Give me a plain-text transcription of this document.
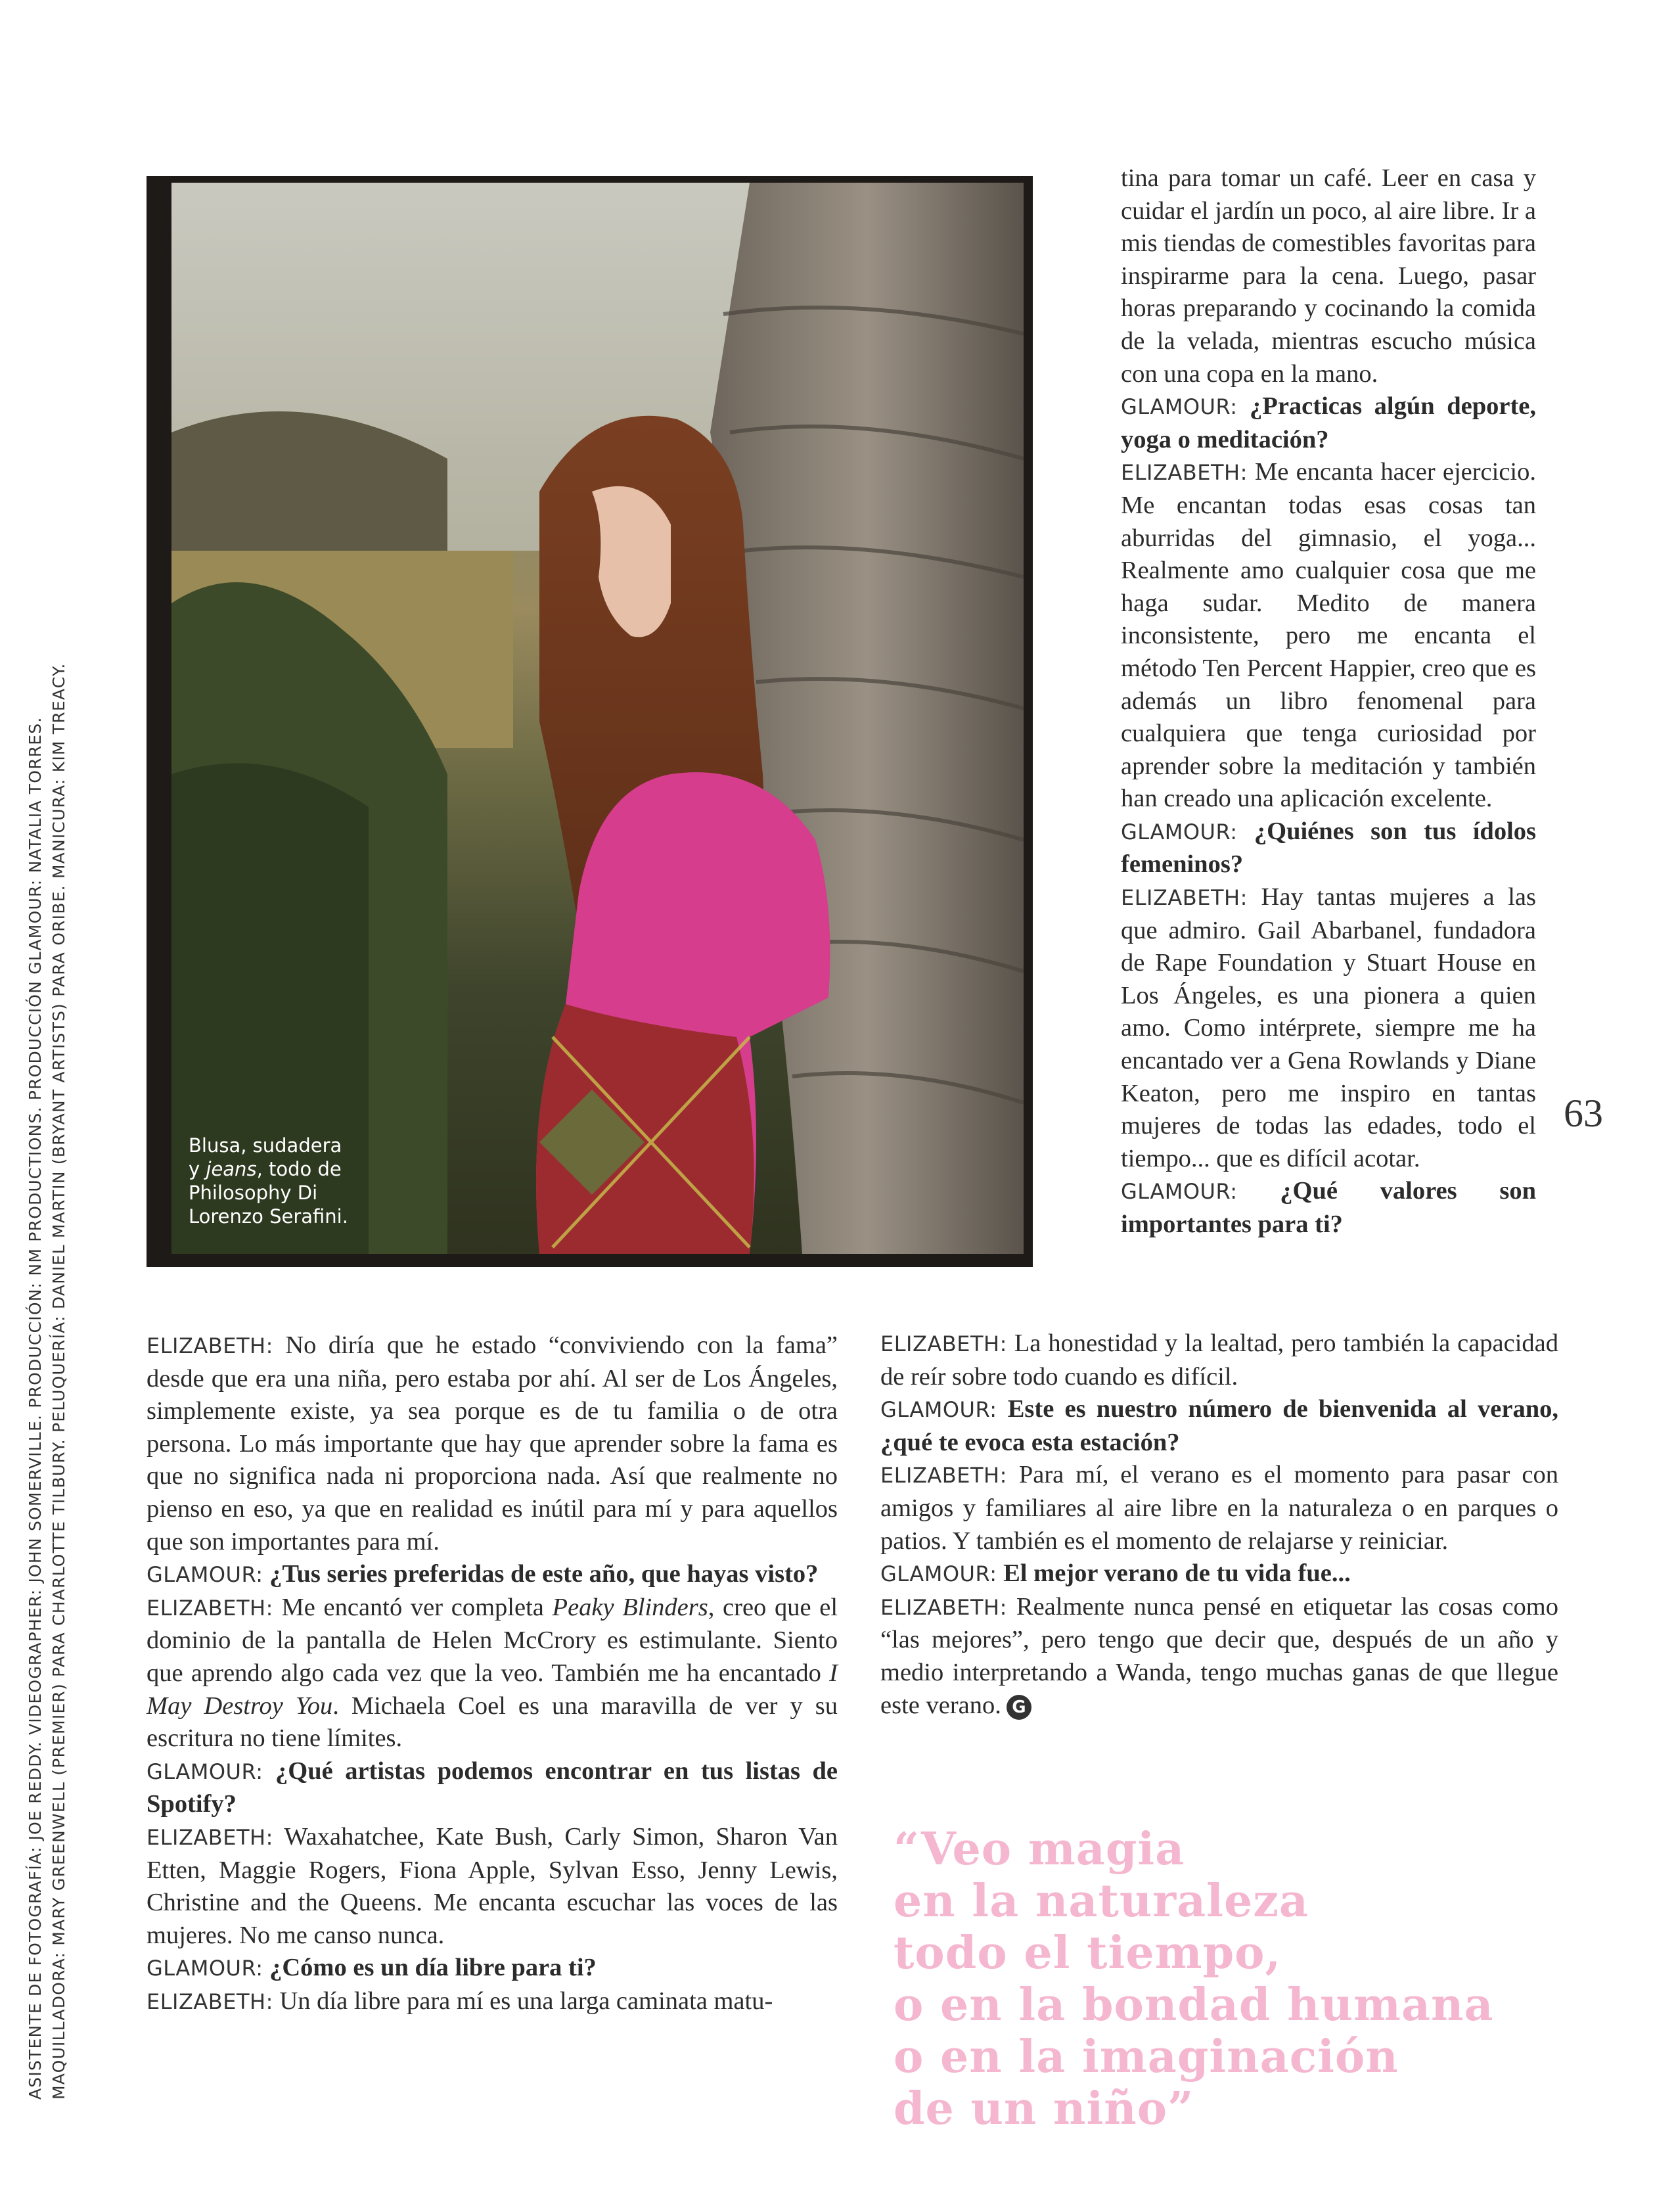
ASISTENTE DE FOTOGRAFÍA: JOE REDDY. VIDEOGRAPHER: JOHN SOMERVILLE. PRODUCCIÓN: NM PRODUCTIONS. PRODUCCIÓN GLAMOUR: NATALIA TORRES. MAQUILLADORA: MARY GREENWELL (PREMIER) PARA CHARLOTTE TILBURY. PELUQUERÍA: DANIEL MARTIN (BRYANT ARTISTS) PARA ORIBE. MANICURA: KIM TREACY.	Blusa, sudadera
y jeans, todo de
Philosophy Di
Lorenzo Serafini.

tina para tomar un café. Leer en casa y cuidar el jardín un poco, al aire libre. Ir a mis tiendas de comestibles favoritas para inspirarme para la cena. Luego, pasar horas preparando y cocinando la comida de la velada, mientras escucho música con una copa en la mano.

GLAMOUR: ¿Practicas algún deporte, yoga o meditación?

ELIZABETH: Me encanta hacer ejercicio. Me encantan todas esas cosas tan aburridas del gimnasio, el yoga... Realmente amo cualquier cosa que me haga sudar. Medito de manera inconsistente, pero me encanta el método Ten Percent Happier, creo que es además un libro fenomenal para cualquiera que tenga curiosidad por aprender sobre la meditación y también han creado una aplicación excelente.

GLAMOUR: ¿Quiénes son tus ídolos femeninos?

ELIZABETH: Hay tantas mujeres a las que admiro. Gail Abarbanel, fundadora de Rape Foundation y Stuart House en Los Ángeles, es una pionera a quien amo. Como intérprete, siempre me ha encantado ver a Gena Rowlands y Diane Keaton, pero me inspiro en tantas mujeres de todas las edades, todo el tiempo... que es difícil acotar.

GLAMOUR: ¿Qué valores son importantes para ti?

63

ELIZABETH: No diría que he estado “conviviendo con la fama” desde que era una niña, pero estaba por ahí. Al ser de Los Ángeles, simplemente existe, ya sea porque es de tu familia o de otra persona. Lo más importante que hay que aprender sobre la fama es que no significa nada ni proporciona nada. Así que realmente no pienso en eso, ya que en realidad es inútil para mí y para aquellos que son importantes para mí.

GLAMOUR: ¿Tus series preferidas de este año, que hayas visto?

ELIZABETH: Me encantó ver completa Peaky Blinders, creo que el dominio de la pantalla de Helen McCrory es estimulante. Siento que aprendo algo cada vez que la veo. También me ha encantado I May Destroy You. Michaela Coel es una maravilla de ver y su escritura no tiene límites.

GLAMOUR: ¿Qué artistas podemos encontrar en tus listas de Spotify?

ELIZABETH: Waxahatchee, Kate Bush, Carly Simon, Sharon Van Etten, Maggie Rogers, Fiona Apple, Sylvan Esso, Jenny Lewis, Christine and the Queens. Me encanta escuchar las voces de las mujeres. No me canso nunca.

GLAMOUR: ¿Cómo es un día libre para ti?

ELIZABETH: Un día libre para mí es una larga caminata matu-

ELIZABETH: La honestidad y la lealtad, pero también la capacidad de reír sobre todo cuando es difícil.

GLAMOUR: Este es nuestro número de bienvenida al verano, ¿qué te evoca esta estación?

ELIZABETH: Para mí, el verano es el momento para pasar con amigos y familiares al aire libre en la naturaleza o en parques o patios. Y también es el momento de relajarse y reiniciar.

GLAMOUR: El mejor verano de tu vida fue...

ELIZABETH: Realmente nunca pensé en etiquetar las cosas como “las mejores”, pero tengo que decir que, después de un año y medio interpretando a Wanda, tengo muchas ganas de que llegue este verano. G

“Veo magia
en la naturaleza
todo el tiempo,
o en la bondad humana
o en la imaginación
de un niño”
